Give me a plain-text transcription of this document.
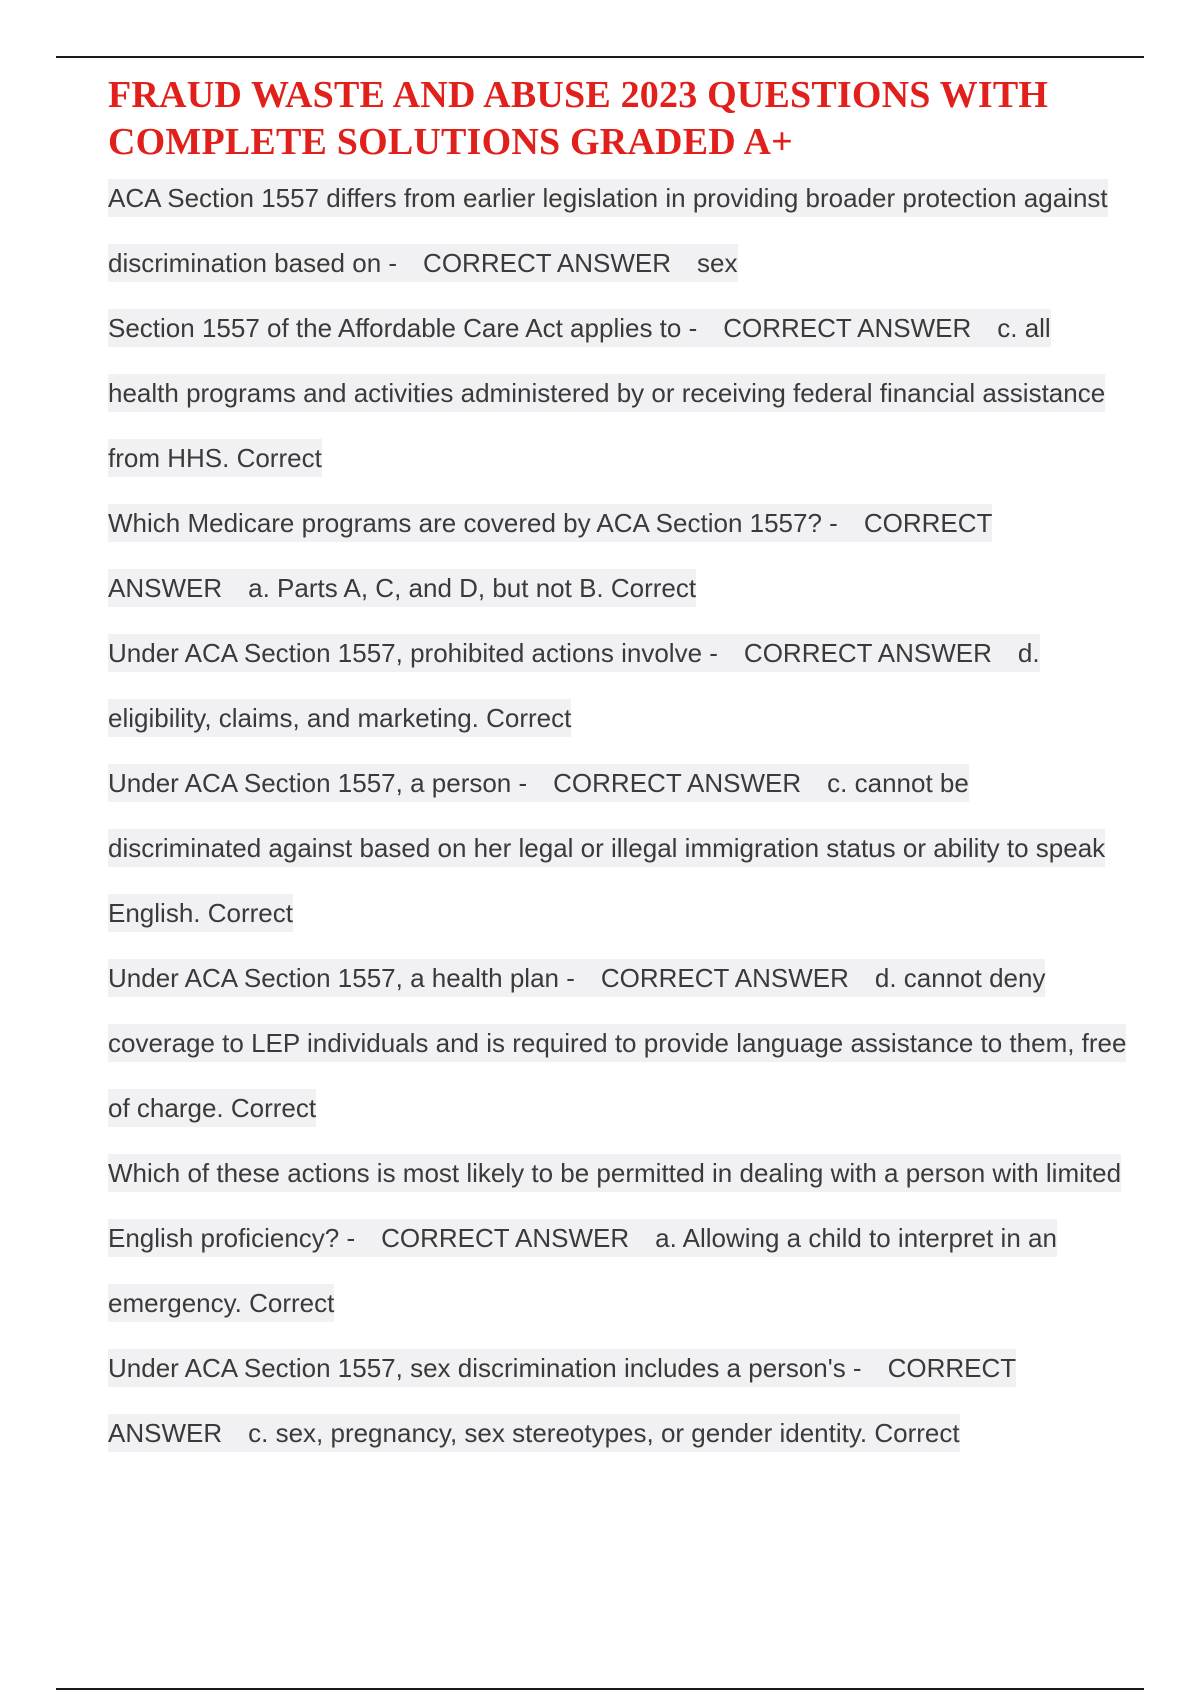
FRAUD WASTE AND ABUSE 2023 QUESTIONS WITH COMPLETE SOLUTIONS GRADED A+
ACA Section 1557 differs from earlier legislation in providing broader protection against discrimination based on - CORRECT ANSWER sex
Section 1557 of the Affordable Care Act applies to - CORRECT ANSWER c. all health programs and activities administered by or receiving federal financial assistance from HHS. Correct
Which Medicare programs are covered by ACA Section 1557? - CORRECT ANSWER a. Parts A, C, and D, but not B. Correct
Under ACA Section 1557, prohibited actions involve - CORRECT ANSWER d. eligibility, claims, and marketing. Correct
Under ACA Section 1557, a person - CORRECT ANSWER c. cannot be discriminated against based on her legal or illegal immigration status or ability to speak English. Correct
Under ACA Section 1557, a health plan - CORRECT ANSWER d. cannot deny coverage to LEP individuals and is required to provide language assistance to them, free of charge. Correct
Which of these actions is most likely to be permitted in dealing with a person with limited English proficiency? - CORRECT ANSWER a. Allowing a child to interpret in an emergency. Correct
Under ACA Section 1557, sex discrimination includes a person's - CORRECT ANSWER c. sex, pregnancy, sex stereotypes, or gender identity. Correct
